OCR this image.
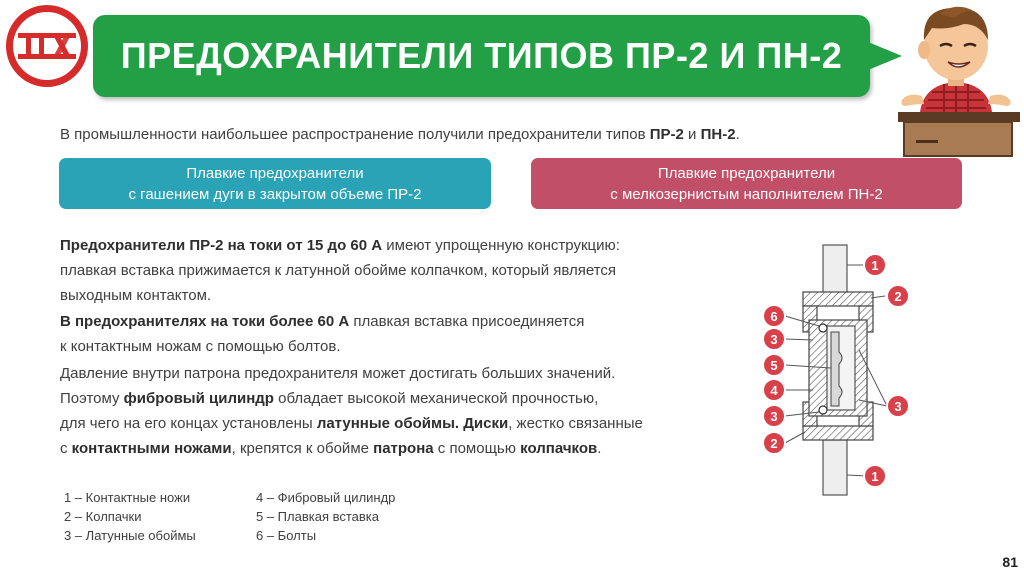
ПРЕДОХРАНИТЕЛИ ТИПОВ ПР-2 И ПН-2
В промышленности наибольшее распространение получили предохранители типов ПР-2 и ПН-2.
Плавкие предохранители
с гашением дуги в закрытом объеме ПР-2
Плавкие предохранители
с мелкозернистым наполнителем ПН-2
Предохранители ПР-2 на токи от 15 до 60 А имеют упрощенную конструкцию:
плавкая вставка прижимается к латунной обойме колпачком, который является
выходным контактом.
В предохранителях на токи более 60 А плавкая вставка присоединяется
к контактным ножам с помощью болтов.
Давление внутри патрона предохранителя может достигать больших значений.
Поэтому фибровый цилиндр обладает высокой механической прочностью,
для чего на его концах установлены латунные обоймы. Диски, жестко связанные
с контактными ножами, крепятся к обойме патрона с помощью колпачков.
1 – Контактные ножи
2 – Колпачки
3 – Латунные обоймы
4 – Фибровый цилиндр
5 – Плавкая вставка
6 – Болты
1
2
3
1
6
3
5
4
3
2
81
